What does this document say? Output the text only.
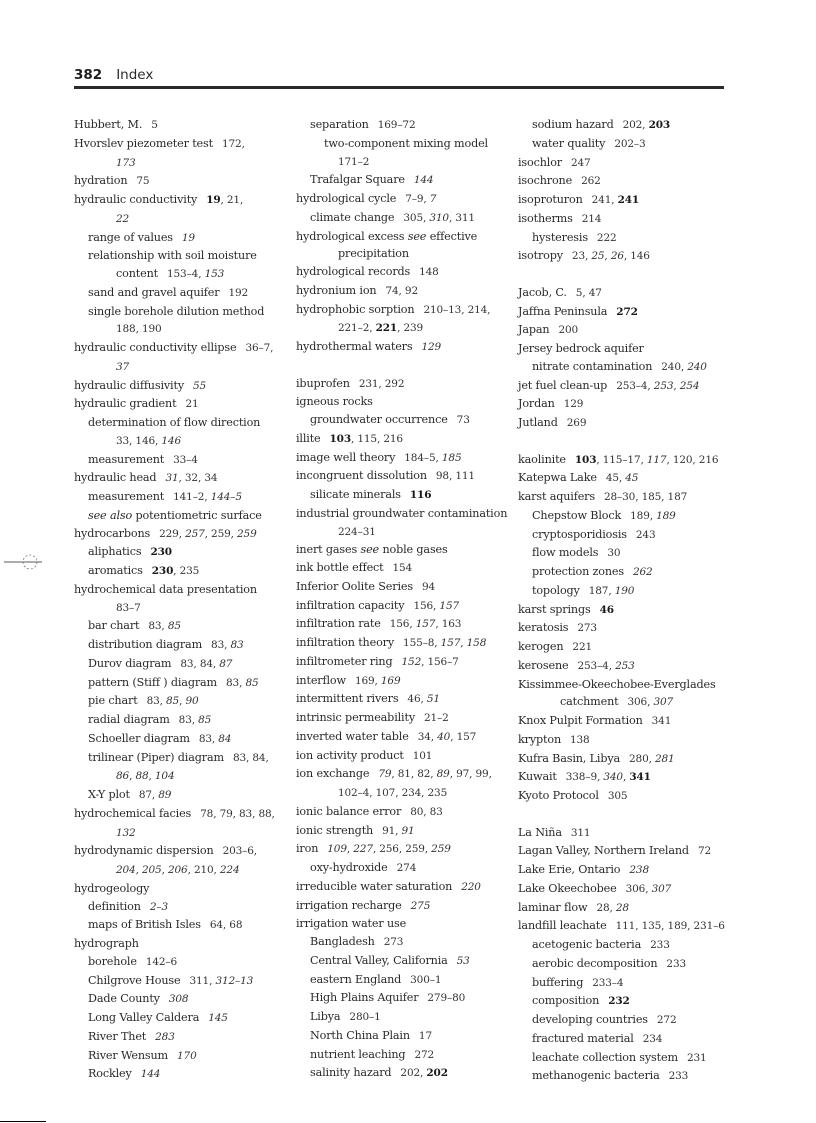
382 Index
Hubbert, M. 5
Hvorslev piezometer test 172,
173
hydration 75
hydraulic conductivity 19, 21,
22
range of values 19
relationship with soil moisture
content 153–4, 153
sand and gravel aquifer 192
single borehole dilution method
188, 190
hydraulic conductivity ellipse 36–7,
37
hydraulic diffusivity 55
hydraulic gradient 21
determination of flow direction
33, 146, 146
measurement 33–4
hydraulic head 31, 32, 34
measurement 141–2, 144–5
see also potentiometric surface
hydrocarbons 229, 257, 259, 259
aliphatics 230
aromatics 230, 235
hydrochemical data presentation
83–7
bar chart 83, 85
distribution diagram 83, 83
Durov diagram 83, 84, 87
pattern (Stiff ) diagram 83, 85
pie chart 83, 85, 90
radial diagram 83, 85
Schoeller diagram 83, 84
trilinear (Piper) diagram 83, 84,
86, 88, 104
X-Y plot 87, 89
hydrochemical facies 78, 79, 83, 88,
132
hydrodynamic dispersion 203–6,
204, 205, 206, 210, 224
hydrogeology
definition 2–3
maps of British Isles 64, 68
hydrograph
borehole 142–6
Chilgrove House 311, 312–13
Dade County 308
Long Valley Caldera 145
River Thet 283
River Wensum 170
Rockley 144
separation 169–72
two-component mixing model
171–2
Trafalgar Square 144
hydrological cycle 7–9, 7
climate change 305, 310, 311
hydrological excess see effective
precipitation
hydrological records 148
hydronium ion 74, 92
hydrophobic sorption 210–13, 214,
221–2, 221, 239
hydrothermal waters 129
ibuprofen 231, 292
igneous rocks
groundwater occurrence 73
illite 103, 115, 216
image well theory 184–5, 185
incongruent dissolution 98, 111
silicate minerals 116
industrial groundwater contamination
224–31
inert gases see noble gases
ink bottle effect 154
Inferior Oolite Series 94
infiltration capacity 156, 157
infiltration rate 156, 157, 163
infiltration theory 155–8, 157, 158
infiltrometer ring 152, 156–7
interflow 169, 169
intermittent rivers 46, 51
intrinsic permeability 21–2
inverted water table 34, 40, 157
ion activity product 101
ion exchange 79, 81, 82, 89, 97, 99,
102–4, 107, 234, 235
ionic balance error 80, 83
ionic strength 91, 91
iron 109, 227, 256, 259, 259
oxy-hydroxide 274
irreducible water saturation 220
irrigation recharge 275
irrigation water use
Bangladesh 273
Central Valley, California 53
eastern England 300–1
High Plains Aquifer 279–80
Libya 280–1
North China Plain 17
nutrient leaching 272
salinity hazard 202, 202
sodium hazard 202, 203
water quality 202–3
isochlor 247
isochrone 262
isoproturon 241, 241
isotherms 214
hysteresis 222
isotropy 23, 25, 26, 146
Jacob, C. 5, 47
Jaffna Peninsula 272
Japan 200
Jersey bedrock aquifer
nitrate contamination 240, 240
jet fuel clean-up 253–4, 253, 254
Jordan 129
Jutland 269
kaolinite 103, 115–17, 117, 120, 216
Katepwa Lake 45, 45
karst aquifers 28–30, 185, 187
Chepstow Block 189, 189
cryptosporidiosis 243
flow models 30
protection zones 262
topology 187, 190
karst springs 46
keratosis 273
kerogen 221
kerosene 253–4, 253
Kissimmee-Okeechobee-Everglades
catchment 306, 307
Knox Pulpit Formation 341
krypton 138
Kufra Basin, Libya 280, 281
Kuwait 338–9, 340, 341
Kyoto Protocol 305
La Niña 311
Lagan Valley, Northern Ireland 72
Lake Erie, Ontario 238
Lake Okeechobee 306, 307
laminar flow 28, 28
landfill leachate 111, 135, 189, 231–6
acetogenic bacteria 233
aerobic decomposition 233
buffering 233–4
composition 232
developing countries 272
fractured material 234
leachate collection system 231
methanogenic bacteria 233
